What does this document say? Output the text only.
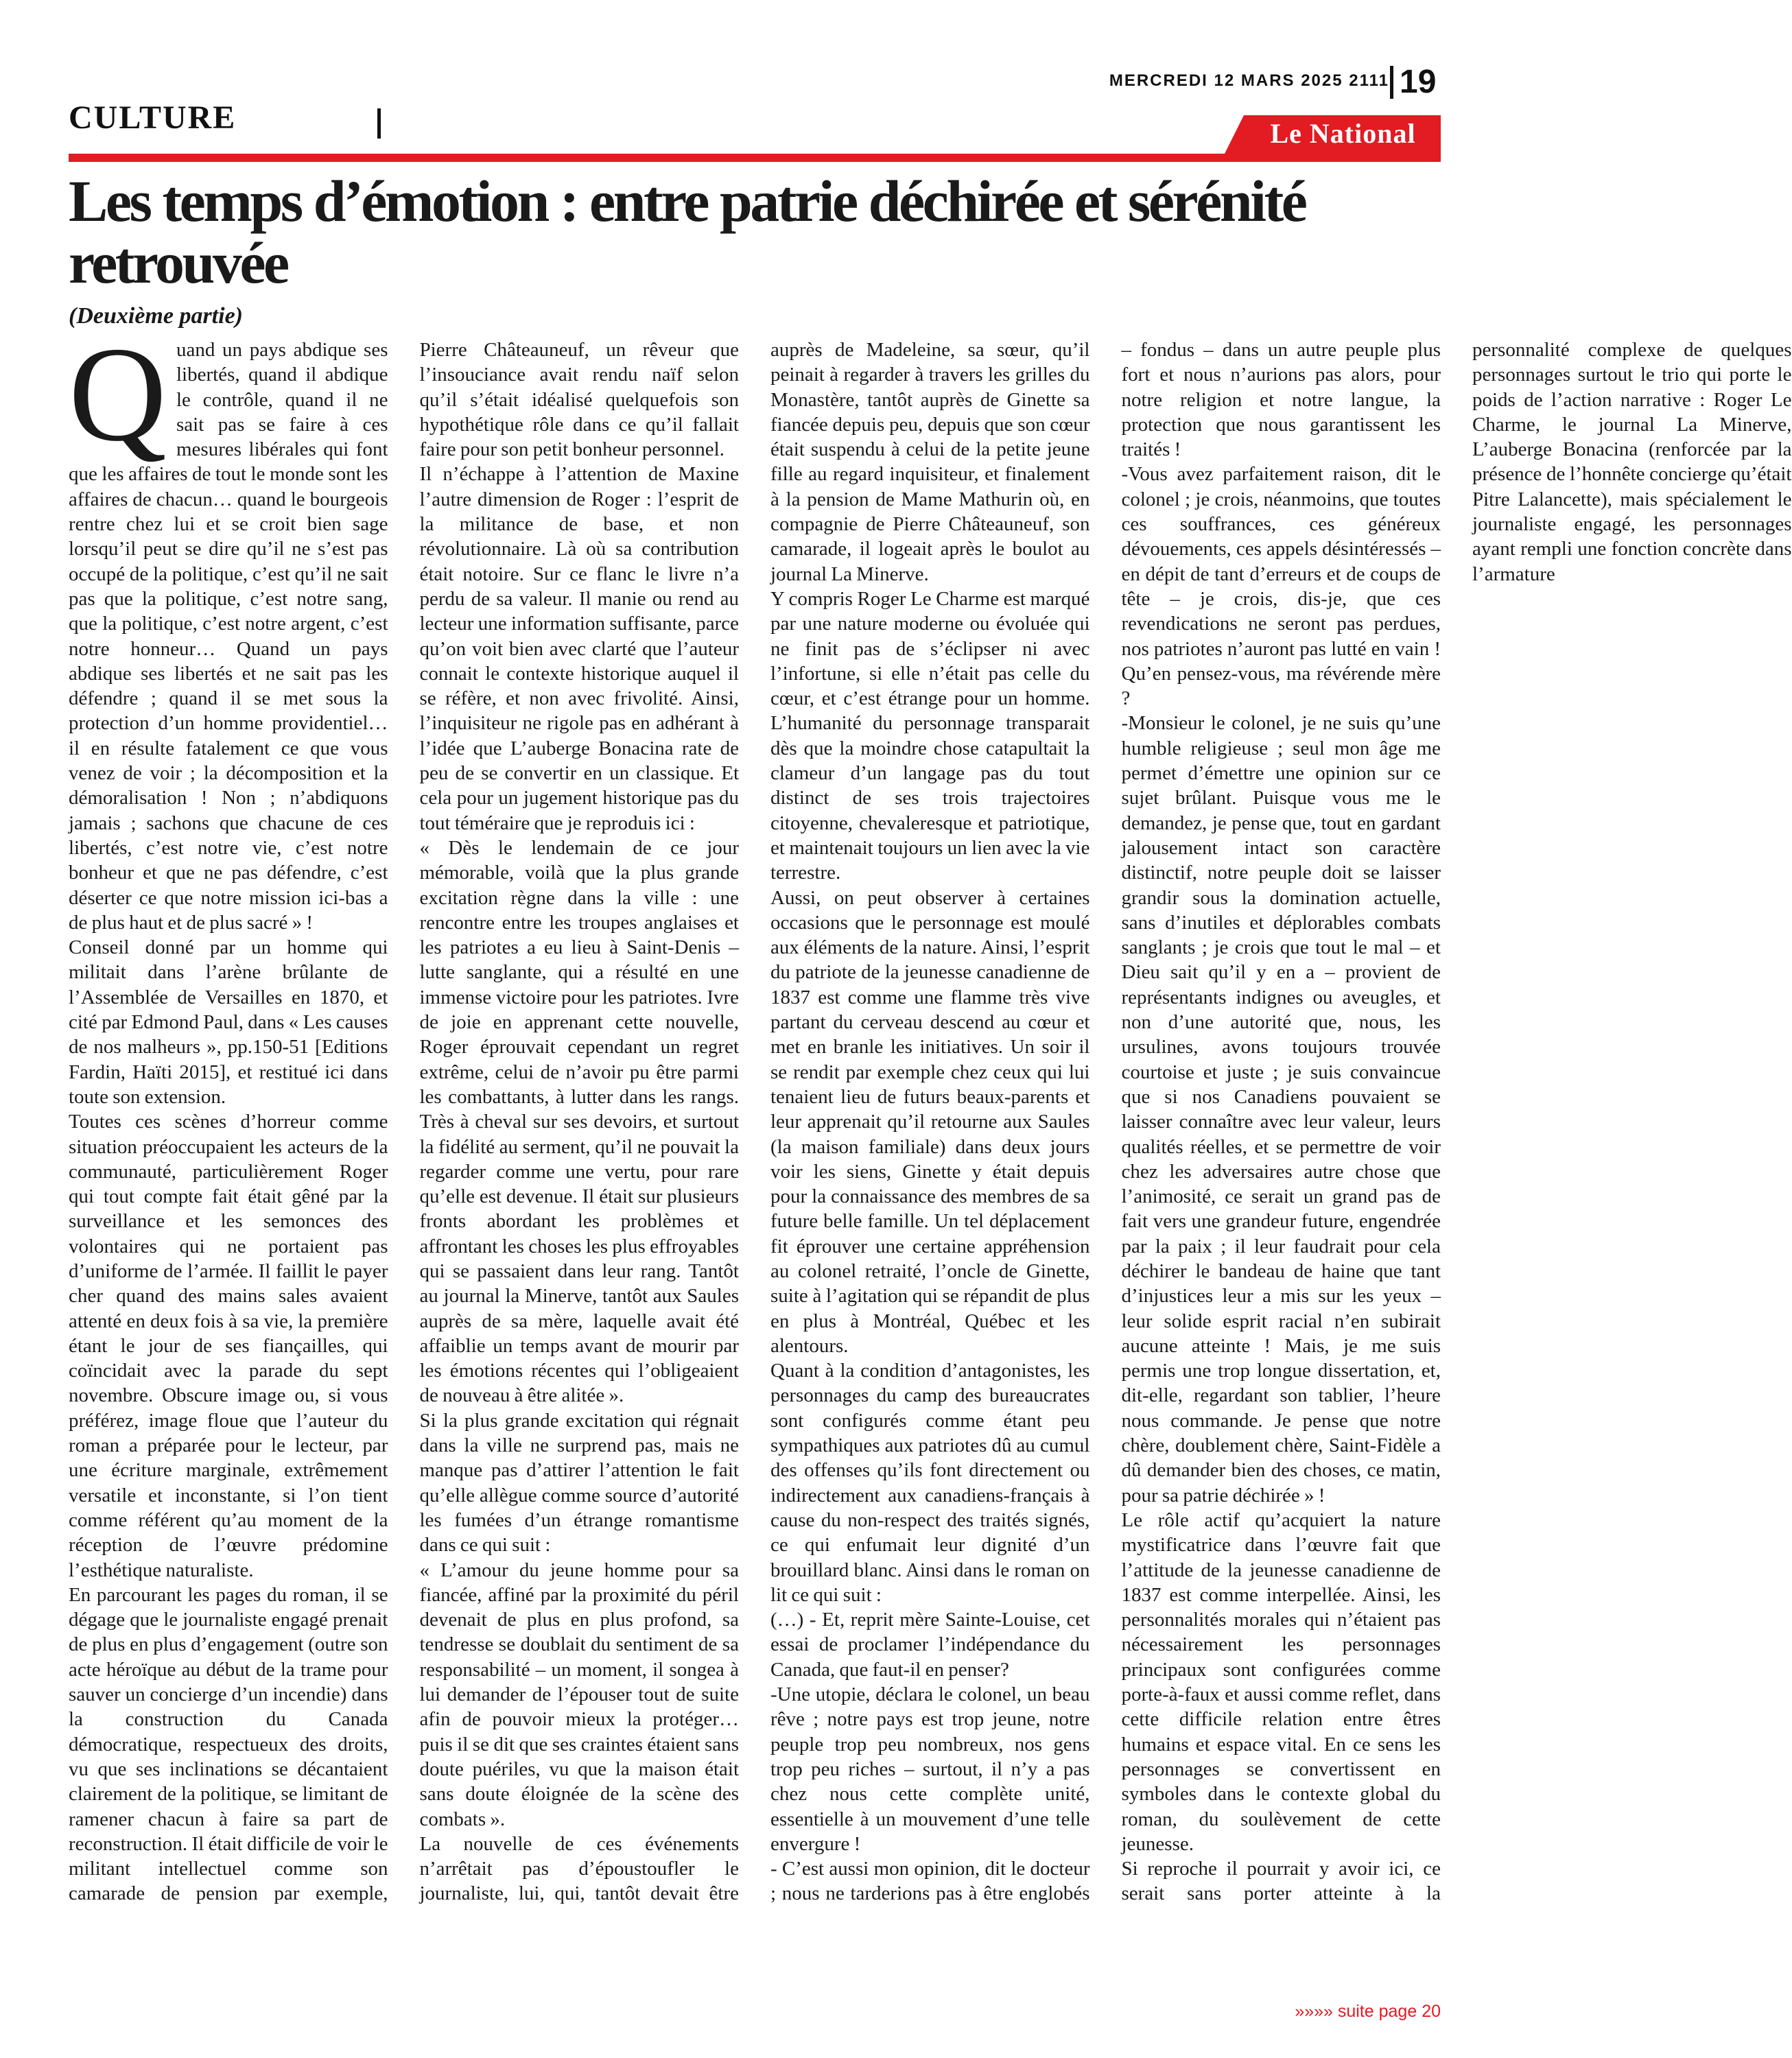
MERCREDI 12 MARS 2025 2111 19
CULTURE	Le National
Les temps d’émotion : entre patrie déchirée et sérénité retrouvée
(Deuxième partie)

Quand un pays abdique ses libertés, quand il abdique le contrôle, quand il ne sait pas se faire à ces mesures libérales qui font que les affaires de tout le monde sont les affaires de chacun… quand le bourgeois rentre chez lui et se croit bien sage lorsqu’il peut se dire qu’il ne s’est pas occupé de la politique, c’est qu’il ne sait pas que la politique, c’est notre sang, que la politique, c’est notre argent, c’est notre honneur… Quand un pays abdique ses libertés et ne sait pas les défendre ; quand il se met sous la protection d’un homme providentiel… il en résulte fatalement ce que vous venez de voir ; la décomposition et la démoralisation ! Non ; n’abdiquons jamais ; sachons que chacune de ces libertés, c’est notre vie, c’est notre bonheur et que ne pas défendre, c’est déserter ce que notre mission ici-bas a de plus haut et de plus sacré » !

Conseil donné par un homme qui militait dans l’arène brûlante de l’Assemblée de Versailles en 1870, et cité par Edmond Paul, dans « Les causes de nos malheurs », pp.150-51 [Editions Fardin, Haïti 2015], et restitué ici dans toute son extension.

Toutes ces scènes d’horreur comme situation préoccupaient les acteurs de la communauté, particulièrement Roger qui tout compte fait était gêné par la surveillance et les semonces des volontaires qui ne portaient pas d’uniforme de l’armée. Il faillit le payer cher quand des mains sales avaient attenté en deux fois à sa vie, la première étant le jour de ses fiançailles, qui coïncidait avec la parade du sept novembre. Obscure image ou, si vous préférez, image floue que l’auteur du roman a préparée pour le lecteur, par une écriture marginale, extrêmement versatile et inconstante, si l’on tient comme référent qu’au moment de la réception de l’œuvre prédomine l’esthétique naturaliste.

En parcourant les pages du roman, il se dégage que le journaliste engagé prenait de plus en plus d’engagement (outre son acte héroïque au début de la trame pour sauver un concierge d’un incendie) dans la construction du Canada démocratique, respectueux des droits, vu que ses inclinations se décantaient clairement de la politique, se limitant de ramener chacun à faire sa part de reconstruction. Il était difficile de voir le militant intellectuel comme son camarade de pension par exemple, Pierre Châteauneuf, un rêveur que l’insouciance avait rendu naïf selon qu’il s’était idéalisé quelquefois son hypothétique rôle dans ce qu’il fallait faire pour son petit bonheur personnel.

Il n’échappe à l’attention de Maxine l’autre dimension de Roger : l’esprit de la militance de base, et non révolutionnaire. Là où sa contribution était notoire. Sur ce flanc le livre n’a perdu de sa valeur. Il manie ou rend au lecteur une information suffisante, parce qu’on voit bien avec clarté que l’auteur connait le contexte historique auquel il se réfère, et non avec frivolité. Ainsi, l’inquisiteur ne rigole pas en adhérant à l’idée que L’auberge Bonacina rate de peu de se convertir en un classique. Et cela pour un jugement historique pas du tout téméraire que je reproduis ici :

« Dès le lendemain de ce jour mémorable, voilà que la plus grande excitation règne dans la ville : une rencontre entre les troupes anglaises et les patriotes a eu lieu à Saint-Denis – lutte sanglante, qui a résulté en une immense victoire pour les patriotes. Ivre de joie en apprenant cette nouvelle, Roger éprouvait cependant un regret extrême, celui de n’avoir pu être parmi les combattants, à lutter dans les rangs. Très à cheval sur ses devoirs, et surtout la fidélité au serment, qu’il ne pouvait la regarder comme une vertu, pour rare qu’elle est devenue. Il était sur plusieurs fronts abordant les problèmes et affrontant les choses les plus effroyables qui se passaient dans leur rang. Tantôt au journal la Minerve, tantôt aux Saules auprès de sa mère, laquelle avait été affaiblie un temps avant de mourir par les émotions récentes qui l’obligeaient de nouveau à être alitée ».

Si la plus grande excitation qui régnait dans la ville ne surprend pas, mais ne manque pas d’attirer l’attention le fait qu’elle allègue comme source d’autorité les fumées d’un étrange romantisme dans ce qui suit :

« L’amour du jeune homme pour sa fiancée, affiné par la proximité du péril devenait de plus en plus profond, sa tendresse se doublait du sentiment de sa responsabilité – un moment, il songea à lui demander de l’épouser tout de suite afin de pouvoir mieux la protéger… puis il se dit que ses craintes étaient sans doute puériles, vu que la maison était sans doute éloignée de la scène des combats ».

La nouvelle de ces événements n’arrêtait pas d’époustoufler le journaliste, lui, qui, tantôt devait être auprès de Madeleine, sa sœur, qu’il peinait à regarder à travers les grilles du Monastère, tantôt auprès de Ginette sa fiancée depuis peu, depuis que son cœur était suspendu à celui de la petite jeune fille au regard inquisiteur, et finalement à la pension de Mame Mathurin où, en compagnie de Pierre Châteauneuf, son camarade, il logeait après le boulot au journal La Minerve.

Y compris Roger Le Charme est marqué par une nature moderne ou évoluée qui ne finit pas de s’éclipser ni avec l’infortune, si elle n’était pas celle du cœur, et c’est étrange pour un homme. L’humanité du personnage transparait dès que la moindre chose catapultait la clameur d’un langage pas du tout distinct de ses trois trajectoires citoyenne, chevaleresque et patriotique, et maintenait toujours un lien avec la vie terrestre.

Aussi, on peut observer à certaines occasions que le personnage est moulé aux éléments de la nature. Ainsi, l’esprit du patriote de la jeunesse canadienne de 1837 est comme une flamme très vive partant du cerveau descend au cœur et met en branle les initiatives. Un soir il se rendit par exemple chez ceux qui lui tenaient lieu de futurs beaux-parents et leur apprenait qu’il retourne aux Saules (la maison familiale) dans deux jours voir les siens, Ginette y était depuis pour la connaissance des membres de sa future belle famille. Un tel déplacement fit éprouver une certaine appréhension au colonel retraité, l’oncle de Ginette, suite à l’agitation qui se répandit de plus en plus à Montréal, Québec et les alentours.

Quant à la condition d’antagonistes, les personnages du camp des bureaucrates sont configurés comme étant peu sympathiques aux patriotes dû au cumul des offenses qu’ils font directement ou indirectement aux canadiens-français à cause du non-respect des traités signés, ce qui enfumait leur dignité d’un brouillard blanc. Ainsi dans le roman on lit ce qui suit :

(…) - Et, reprit mère Sainte-Louise, cet essai de proclamer l’indépendance du Canada, que faut-il en penser?

-Une utopie, déclara le colonel, un beau rêve ; notre pays est trop jeune, notre peuple trop peu nombreux, nos gens trop peu riches – surtout, il n’y a pas chez nous cette complète unité, essentielle à un mouvement d’une telle envergure !

- C’est aussi mon opinion, dit le docteur ; nous ne tarderions pas à être englobés – fondus – dans un autre peuple plus fort et nous n’aurions pas alors, pour notre religion et notre langue, la protection que nous garantissent les traités !

-Vous avez parfaitement raison, dit le colonel ; je crois, néanmoins, que toutes ces souffrances, ces généreux dévouements, ces appels désintéressés – en dépit de tant d’erreurs et de coups de tête – je crois, dis-je, que ces revendications ne seront pas perdues, nos patriotes n’auront pas lutté en vain ! Qu’en pensez-vous, ma révérende mère ?

-Monsieur le colonel, je ne suis qu’une humble religieuse ; seul mon âge me permet d’émettre une opinion sur ce sujet brûlant. Puisque vous me le demandez, je pense que, tout en gardant jalousement intact son caractère distinctif, notre peuple doit se laisser grandir sous la domination actuelle, sans d’inutiles et déplorables combats sanglants ; je crois que tout le mal – et Dieu sait qu’il y en a – provient de représentants indignes ou aveugles, et non d’une autorité que, nous, les ursulines, avons toujours trouvée courtoise et juste ; je suis convaincue que si nos Canadiens pouvaient se laisser connaître avec leur valeur, leurs qualités réelles, et se permettre de voir chez les adversaires autre chose que l’animosité, ce serait un grand pas de fait vers une grandeur future, engendrée par la paix ; il leur faudrait pour cela déchirer le bandeau de haine que tant d’injustices leur a mis sur les yeux – leur solide esprit racial n’en subirait aucune atteinte ! Mais, je me suis permis une trop longue dissertation, et, dit-elle, regardant son tablier, l’heure nous commande. Je pense que notre chère, doublement chère, Saint-Fidèle a dû demander bien des choses, ce matin, pour sa patrie déchirée » !

Le rôle actif qu’acquiert la nature mystificatrice dans l’œuvre fait que l’attitude de la jeunesse canadienne de 1837 est comme interpellée. Ainsi, les personnalités morales qui n’étaient pas nécessairement les personnages principaux sont configurées comme porte-à-faux et aussi comme reflet, dans cette difficile relation entre êtres humains et espace vital. En ce sens les personnages se convertissent en symboles dans le contexte global du roman, du soulèvement de cette jeunesse.

Si reproche il pourrait y avoir ici, ce serait sans porter atteinte à la personnalité complexe de quelques personnages surtout le trio qui porte le poids de l’action narrative : Roger Le Charme, le journal La Minerve, L’auberge Bonacina (renforcée par la présence de l’honnête concierge qu’était Pitre Lalancette), mais spécialement le journaliste engagé, les personnages ayant rempli une fonction concrète dans l’armature

»»»» suite page 20
